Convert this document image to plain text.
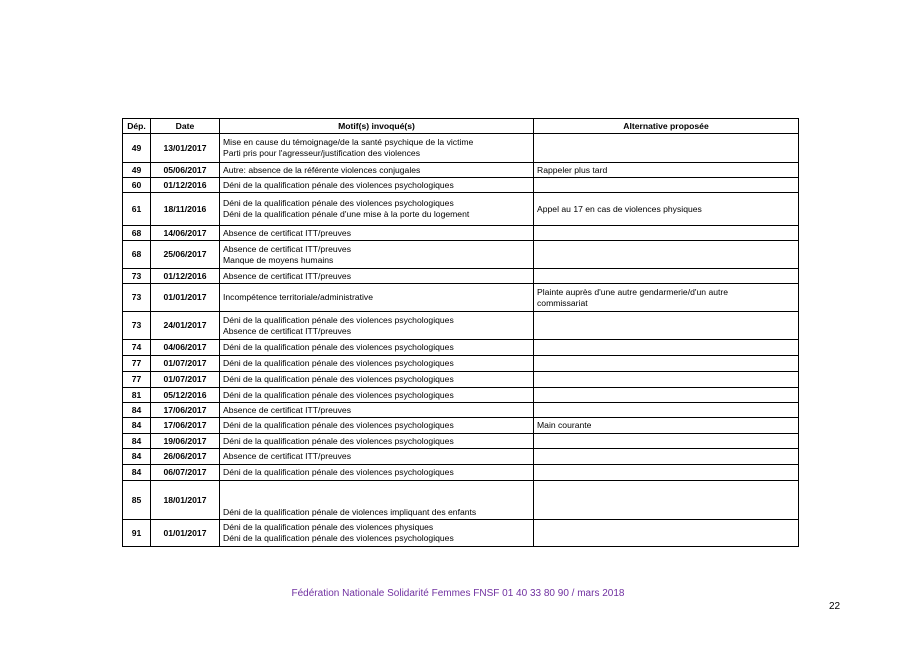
Dép.	Date	Motif(s) invoqué(s)	Alternative proposée
49	13/01/2017	Mise en cause du témoignage/de la santé psychique de la victime
Parti pris pour l'agresseur/justification des violences	

49	05/06/2017	Autre: absence de la référente violences conjugales	Rappeler plus tard

60	01/12/2016	Déni de la qualification pénale des violences psychologiques	

61	18/11/2016	Déni de la qualification pénale des violences psychologiques
Déni de la qualification pénale d'une mise à la porte du logement	Appel au 17 en cas de violences physiques

68	14/06/2017	Absence de certificat ITT/preuves	

68	25/06/2017	Absence de certificat ITT/preuves
Manque de moyens humains	

73	01/12/2016	Absence de certificat ITT/preuves	

73	01/01/2017	Incompétence territoriale/administrative	Plainte auprès d'une autre gendarmerie/d'un autre
commissariat

73	24/01/2017	Déni de la qualification pénale des violences psychologiques
Absence de certificat ITT/preuves	

74	04/06/2017	Déni de la qualification pénale des violences psychologiques	

77	01/07/2017	Déni de la qualification pénale des violences psychologiques	

77	01/07/2017	Déni de la qualification pénale des violences psychologiques	

81	05/12/2016	Déni de la qualification pénale des violences psychologiques	

84	17/06/2017	Absence de certificat ITT/preuves	

84	17/06/2017	Déni de la qualification pénale des violences psychologiques	Main courante

84	19/06/2017	Déni de la qualification pénale des violences psychologiques	

84	26/06/2017	Absence de certificat ITT/preuves	

84	06/07/2017	Déni de la qualification pénale des violences psychologiques	

85	18/01/2017	Déni de la qualification pénale de violences impliquant des enfants	

91	01/01/2017	Déni de la qualification pénale des violences physiques
Déni de la qualification pénale des violences psychologiques	

Fédération Nationale Solidarité Femmes FNSF 01 40 33 80 90 / mars 2018
22
